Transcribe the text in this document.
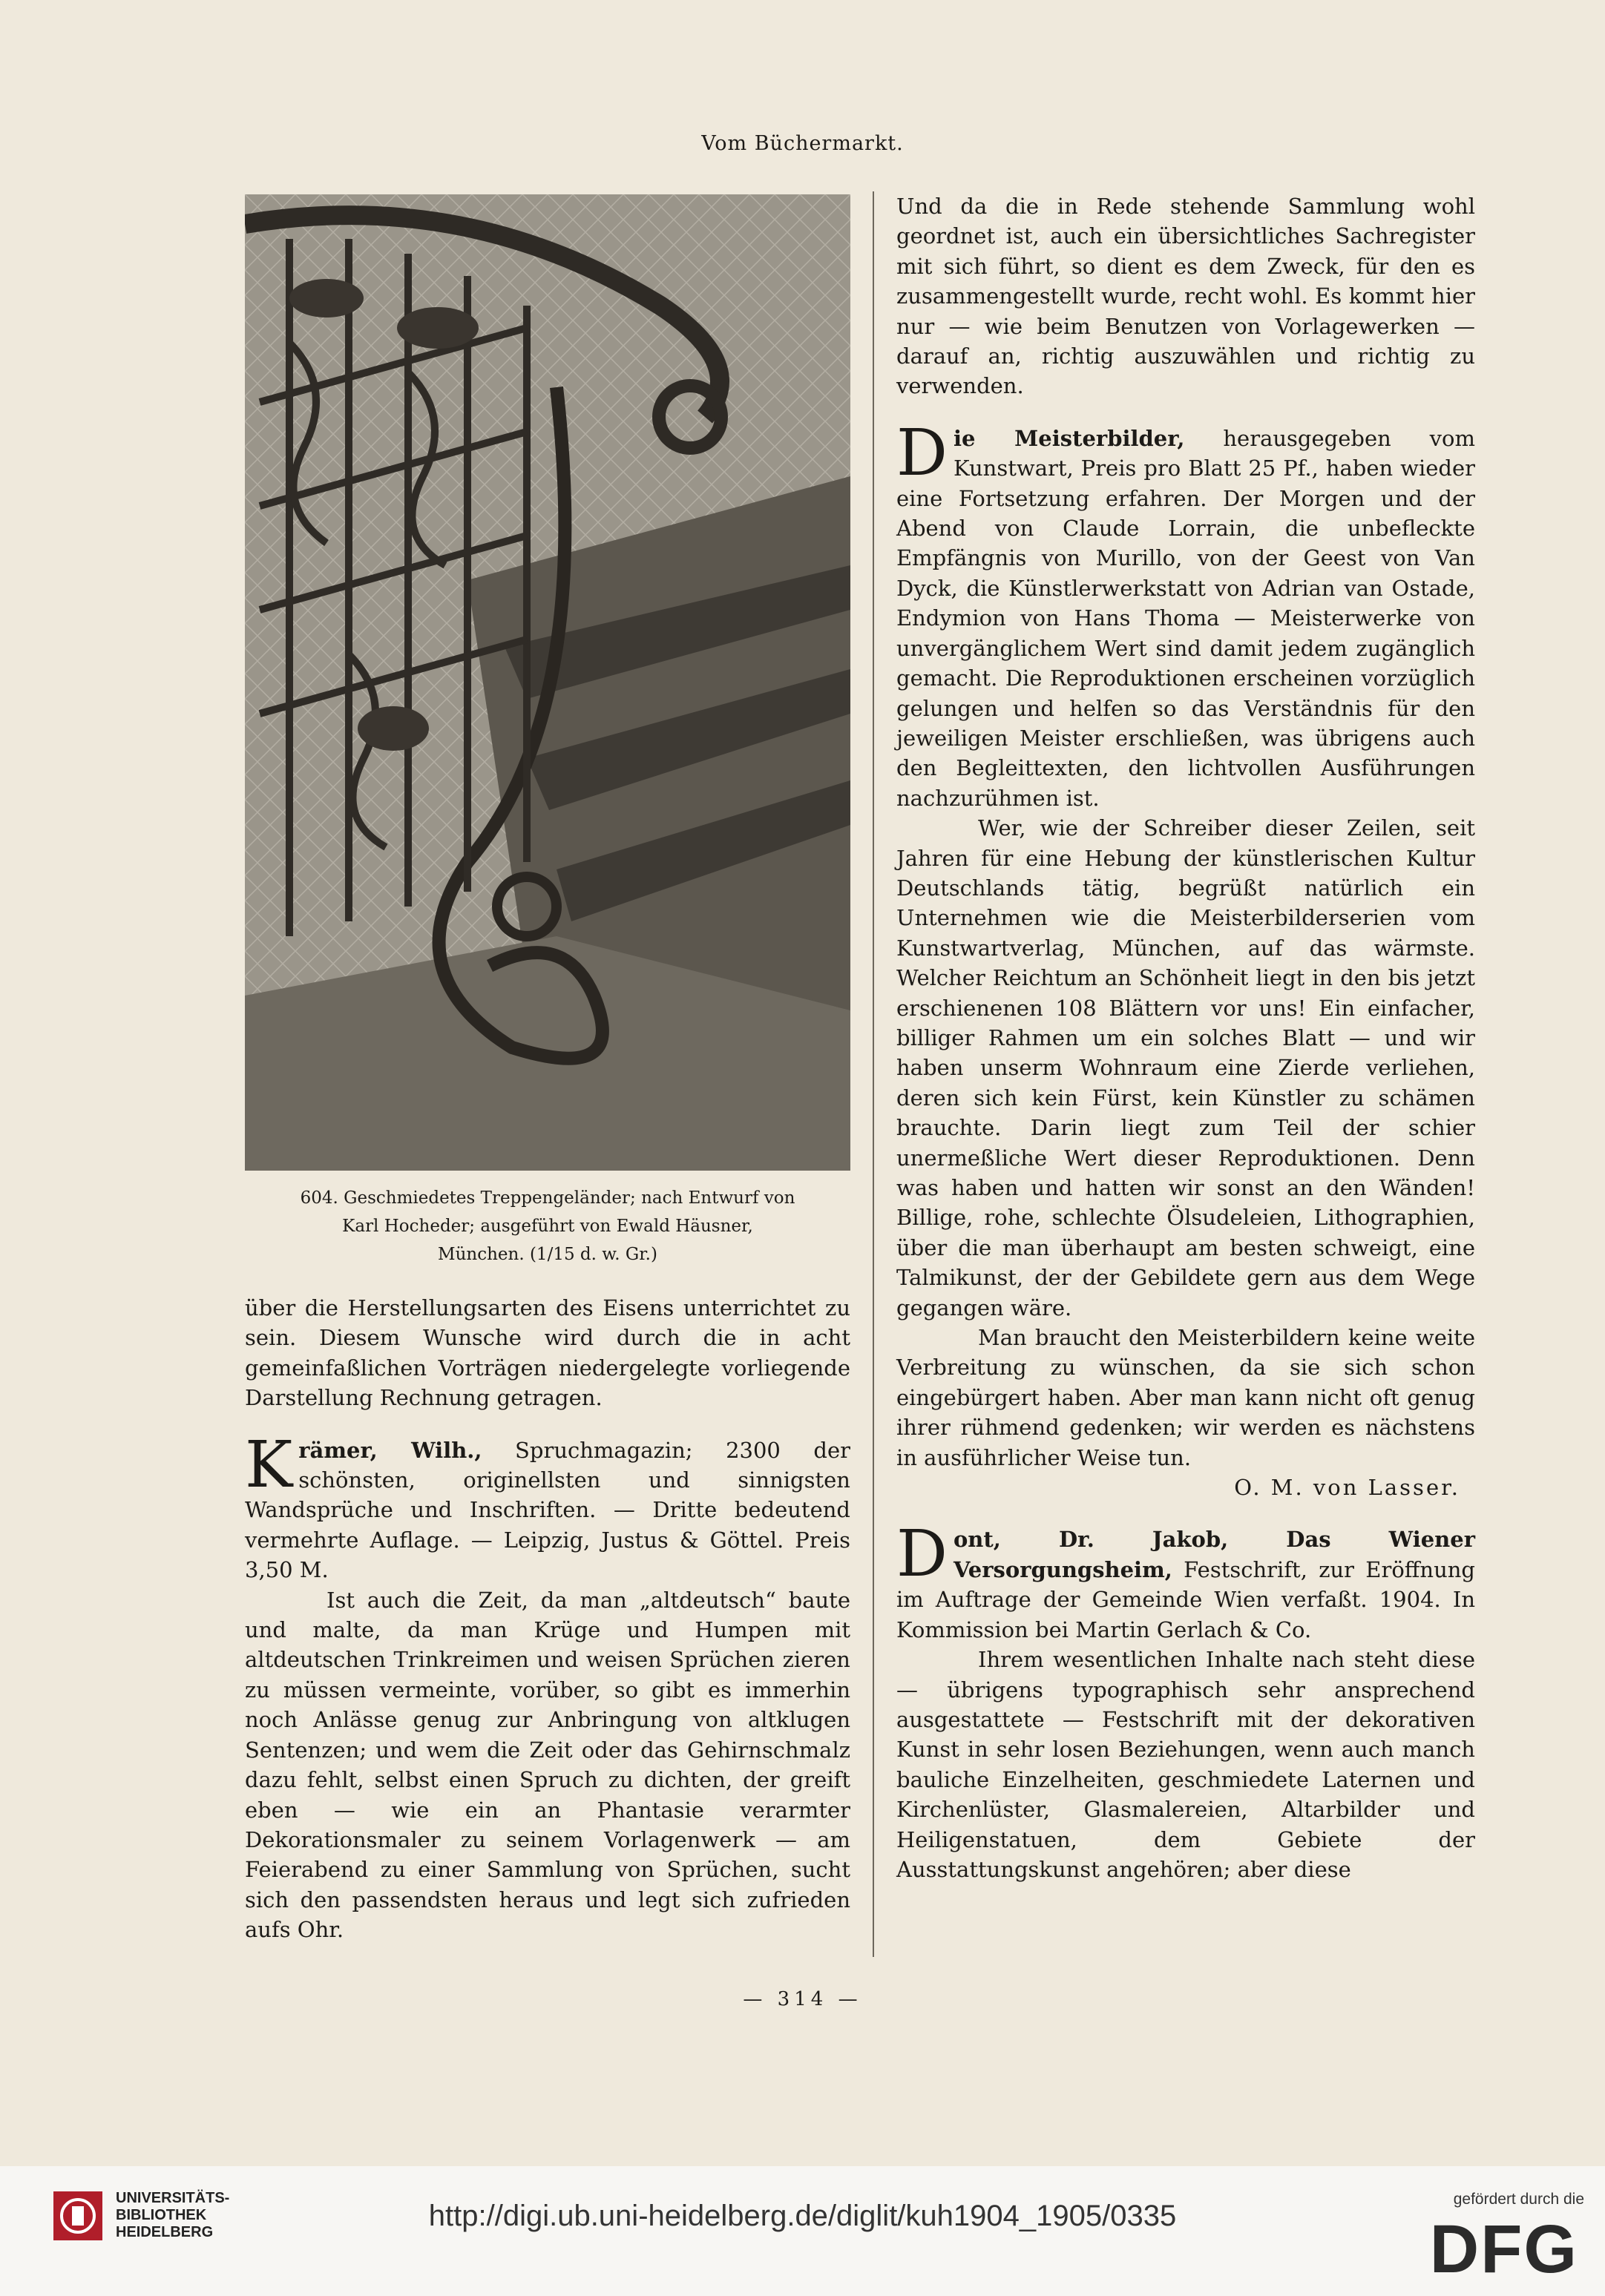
Vom Büchermarkt.
604. Geschmiedetes Treppengeländer; nach Entwurf von
Karl Hocheder; ausgeführt von Ewald Häusner,
München. (1/15 d. w. Gr.)

über die Herstellungsarten des Eisens unterrichtet zu sein. Diesem Wunsche wird durch die in acht gemeinfaßlichen Vorträgen niedergelegte vorliegende Darstellung Rechnung getragen.

Krämer, Wilh., Spruchmagazin; 2300 der schönsten, originellsten und sinnigsten Wandsprüche und Inschriften. — Dritte bedeutend vermehrte Auflage. — Leipzig, Justus & Göttel. Preis 3,50 M.

Ist auch die Zeit, da man „altdeutsch“ baute und malte, da man Krüge und Humpen mit altdeutschen Trinkreimen und weisen Sprüchen zieren zu müssen vermeinte, vorüber, so gibt es immerhin noch Anlässe genug zur Anbringung von altklugen Sentenzen; und wem die Zeit oder das Gehirnschmalz dazu fehlt, selbst einen Spruch zu dichten, der greift eben — wie ein an Phantasie verarmter Dekorationsmaler zu seinem Vorlagenwerk — am Feierabend zu einer Sammlung von Sprüchen, sucht sich den passendsten heraus und legt sich zufrieden aufs Ohr.

Und da die in Rede stehende Sammlung wohl geordnet ist, auch ein übersichtliches Sachregister mit sich führt, so dient es dem Zweck, für den es zusammengestellt wurde, recht wohl. Es kommt hier nur — wie beim Benutzen von Vorlagewerken — darauf an, richtig auszuwählen und richtig zu verwenden.

Die Meisterbilder, herausgegeben vom Kunstwart, Preis pro Blatt 25 Pf., haben wieder eine Fortsetzung erfahren. Der Morgen und der Abend von Claude Lorrain, die unbefleckte Empfängnis von Murillo, von der Geest von Van Dyck, die Künstlerwerkstatt von Adrian van Ostade, Endymion von Hans Thoma — Meisterwerke von unvergänglichem Wert sind damit jedem zugänglich gemacht. Die Reproduktionen erscheinen vorzüglich gelungen und helfen so das Verständnis für den jeweiligen Meister erschließen, was übrigens auch den Begleittexten, den lichtvollen Ausführungen nachzurühmen ist.

Wer, wie der Schreiber dieser Zeilen, seit Jahren für eine Hebung der künstlerischen Kultur Deutschlands tätig, begrüßt natürlich ein Unternehmen wie die Meisterbilderserien vom Kunstwartverlag, München, auf das wärmste. Welcher Reichtum an Schönheit liegt in den bis jetzt erschienenen 108 Blättern vor uns! Ein einfacher, billiger Rahmen um ein solches Blatt — und wir haben unserm Wohnraum eine Zierde verliehen, deren sich kein Fürst, kein Künstler zu schämen brauchte. Darin liegt zum Teil der schier unermeßliche Wert dieser Reproduktionen. Denn was haben und hatten wir sonst an den Wänden! Billige, rohe, schlechte Ölsudeleien, Lithographien, über die man überhaupt am besten schweigt, eine Talmikunst, der der Gebildete gern aus dem Wege gegangen wäre.

Man braucht den Meisterbildern keine weite Verbreitung zu wünschen, da sie sich schon eingebürgert haben. Aber man kann nicht oft genug ihrer rühmend gedenken; wir werden es nächstens in ausführlicher Weise tun.

O. M. von Lasser.

Dont, Dr. Jakob, Das Wiener Versorgungsheim, Festschrift, zur Eröffnung im Auftrage der Gemeinde Wien verfaßt. 1904. In Kommission bei Martin Gerlach & Co.

Ihrem wesentlichen Inhalte nach steht diese — übrigens typographisch sehr ansprechend ausgestattete — Festschrift mit der dekorativen Kunst in sehr losen Beziehungen, wenn auch manch bauliche Einzelheiten, geschmiedete Laternen und Kirchenlüster, Glasmalereien, Altarbilder und Heiligenstatuen, dem Gebiete der Ausstattungskunst angehören; aber diese

— 314 —
UNIVERSITÄTS-
BIBLIOTHEK
HEIDELBERG	http://digi.ub.uni-heidelberg.de/diglit/kuh1904_1905/0335
gefördert durch die
DFG
